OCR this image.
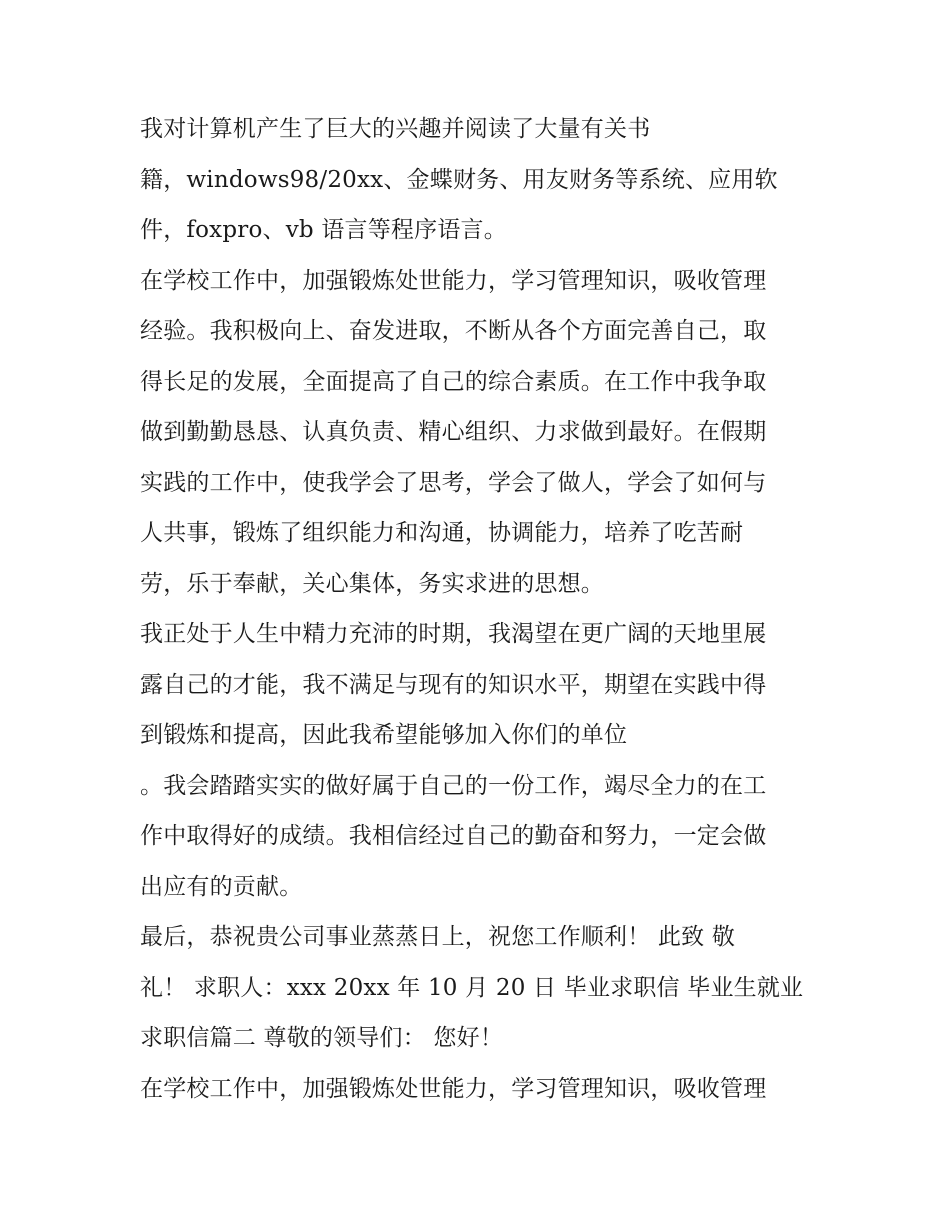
我对计算机产生了巨大的兴趣并阅读了大量有关书
籍，windows98/20xx、金蝶财务、用友财务等系统、应用软
件，foxpro、vb 语言等程序语言。
在学校工作中，加强锻炼处世能力，学习管理知识，吸收管理
经验。我积极向上、奋发进取，不断从各个方面完善自己，取
得长足的发展，全面提高了自己的综合素质。在工作中我争取
做到勤勤恳恳、认真负责、精心组织、力求做到最好。在假期
实践的工作中，使我学会了思考，学会了做人，学会了如何与
人共事，锻炼了组织能力和沟通，协调能力，培养了吃苦耐
劳，乐于奉献，关心集体，务实求进的思想。
我正处于人生中精力充沛的时期，我渴望在更广阔的天地里展
露自己的才能，我不满足与现有的知识水平，期望在实践中得
到锻炼和提高，因此我希望能够加入你们的单位
。我会踏踏实实的做好属于自己的一份工作，竭尽全力的在工
作中取得好的成绩。我相信经过自己的勤奋和努力，一定会做
出应有的贡献。
最后，恭祝贵公司事业蒸蒸日上，祝您工作顺利！ 此致 敬
礼！ 求职人：xxx 20xx 年 10 月 20 日 毕业求职信 毕业生就业
求职信篇二 尊敬的领导们： 您好！
在学校工作中，加强锻炼处世能力，学习管理知识，吸收管理
